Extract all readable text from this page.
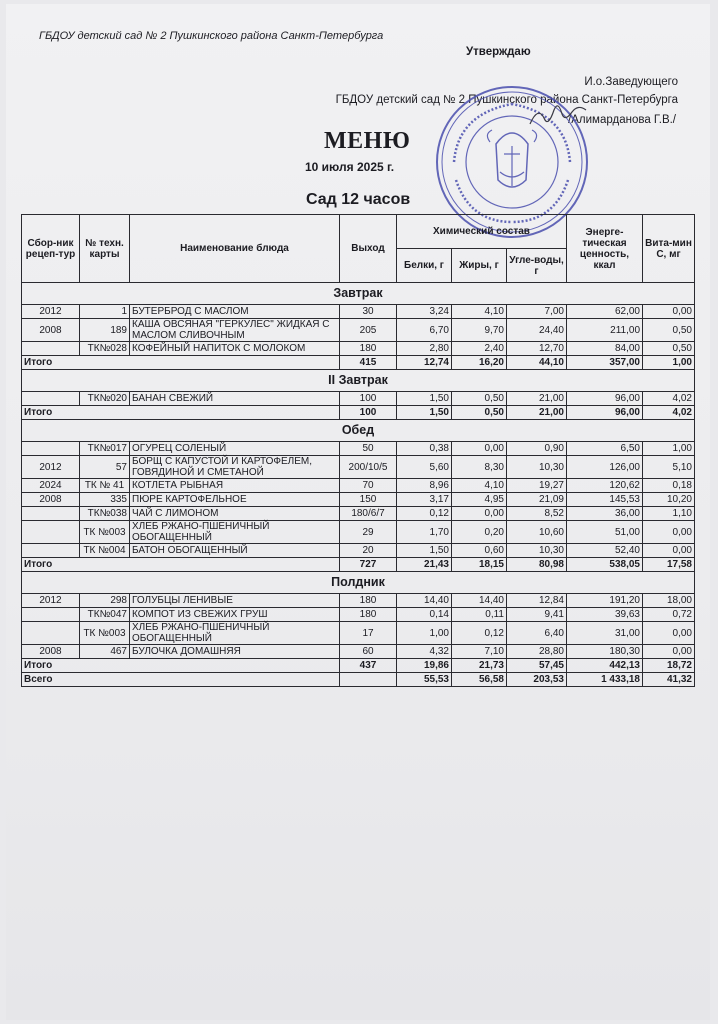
ГБДОУ детский сад № 2 Пушкинского района Санкт-Петербурга
Утверждаю
И.о.Заведующего
ГБДОУ детский сад № 2 Пушкинского района Санкт-Петербурга
/Алимарданова Г.В./
МЕНЮ
10 июля 2025 г.
Сад 12 часов
Сбор-ник рецеп-тур	№ техн. карты	Наименование блюда	Выход	Химический состав			Энерге-тическая ценность, ккал	Вита-мин С, мг
				Белки, г	Жиры, г	Угле-воды, г		
Завтрак								
2012	1	БУТЕРБРОД С МАСЛОМ	30	3,24	4,10	7,00	62,00	0,00
2008	189	КАША ОВСЯНАЯ "ГЕРКУЛЕС" ЖИДКАЯ С МАСЛОМ СЛИВОЧНЫМ	205	6,70	9,70	24,40	211,00	0,50
	ТК№028	КОФЕЙНЫЙ НАПИТОК С МОЛОКОМ	180	2,80	2,40	12,70	84,00	0,50
Итого			415	12,74	16,20	44,10	357,00	1,00
II Завтрак								
	ТК№020	БАНАН СВЕЖИЙ	100	1,50	0,50	21,00	96,00	4,02
Итого			100	1,50	0,50	21,00	96,00	4,02
Обед								
	ТК№017	ОГУРЕЦ СОЛЕНЫЙ	50	0,38	0,00	0,90	6,50	1,00
2012	57	БОРЩ С КАПУСТОЙ И КАРТОФЕЛЕМ, ГОВЯДИНОЙ И СМЕТАНОЙ	200/10/5	5,60	8,30	10,30	126,00	5,10
2024	ТК № 41	КОТЛЕТА РЫБНАЯ	70	8,96	4,10	19,27	120,62	0,18
2008	335	ПЮРЕ КАРТОФЕЛЬНОЕ	150	3,17	4,95	21,09	145,53	10,20
	ТК№038	ЧАЙ С ЛИМОНОМ	180/6/7	0,12	0,00	8,52	36,00	1,10
	ТК №003	ХЛЕБ РЖАНО-ПШЕНИЧНЫЙ ОБОГАЩЕННЫЙ	29	1,70	0,20	10,60	51,00	0,00
	ТК №004	БАТОН ОБОГАЩЕННЫЙ	20	1,50	0,60	10,30	52,40	0,00
Итого			727	21,43	18,15	80,98	538,05	17,58
Полдник								
2012	298	ГОЛУБЦЫ ЛЕНИВЫЕ	180	14,40	14,40	12,84	191,20	18,00
	ТК№047	КОМПОТ ИЗ СВЕЖИХ ГРУШ	180	0,14	0,11	9,41	39,63	0,72
	ТК №003	ХЛЕБ РЖАНО-ПШЕНИЧНЫЙ ОБОГАЩЕННЫЙ	17	1,00	0,12	6,40	31,00	0,00
2008	467	БУЛОЧКА ДОМАШНЯЯ	60	4,32	7,10	28,80	180,30	0,00
Итого			437	19,86	21,73	57,45	442,13	18,72
Всего				55,53	56,58	203,53	1 433,18	41,32
